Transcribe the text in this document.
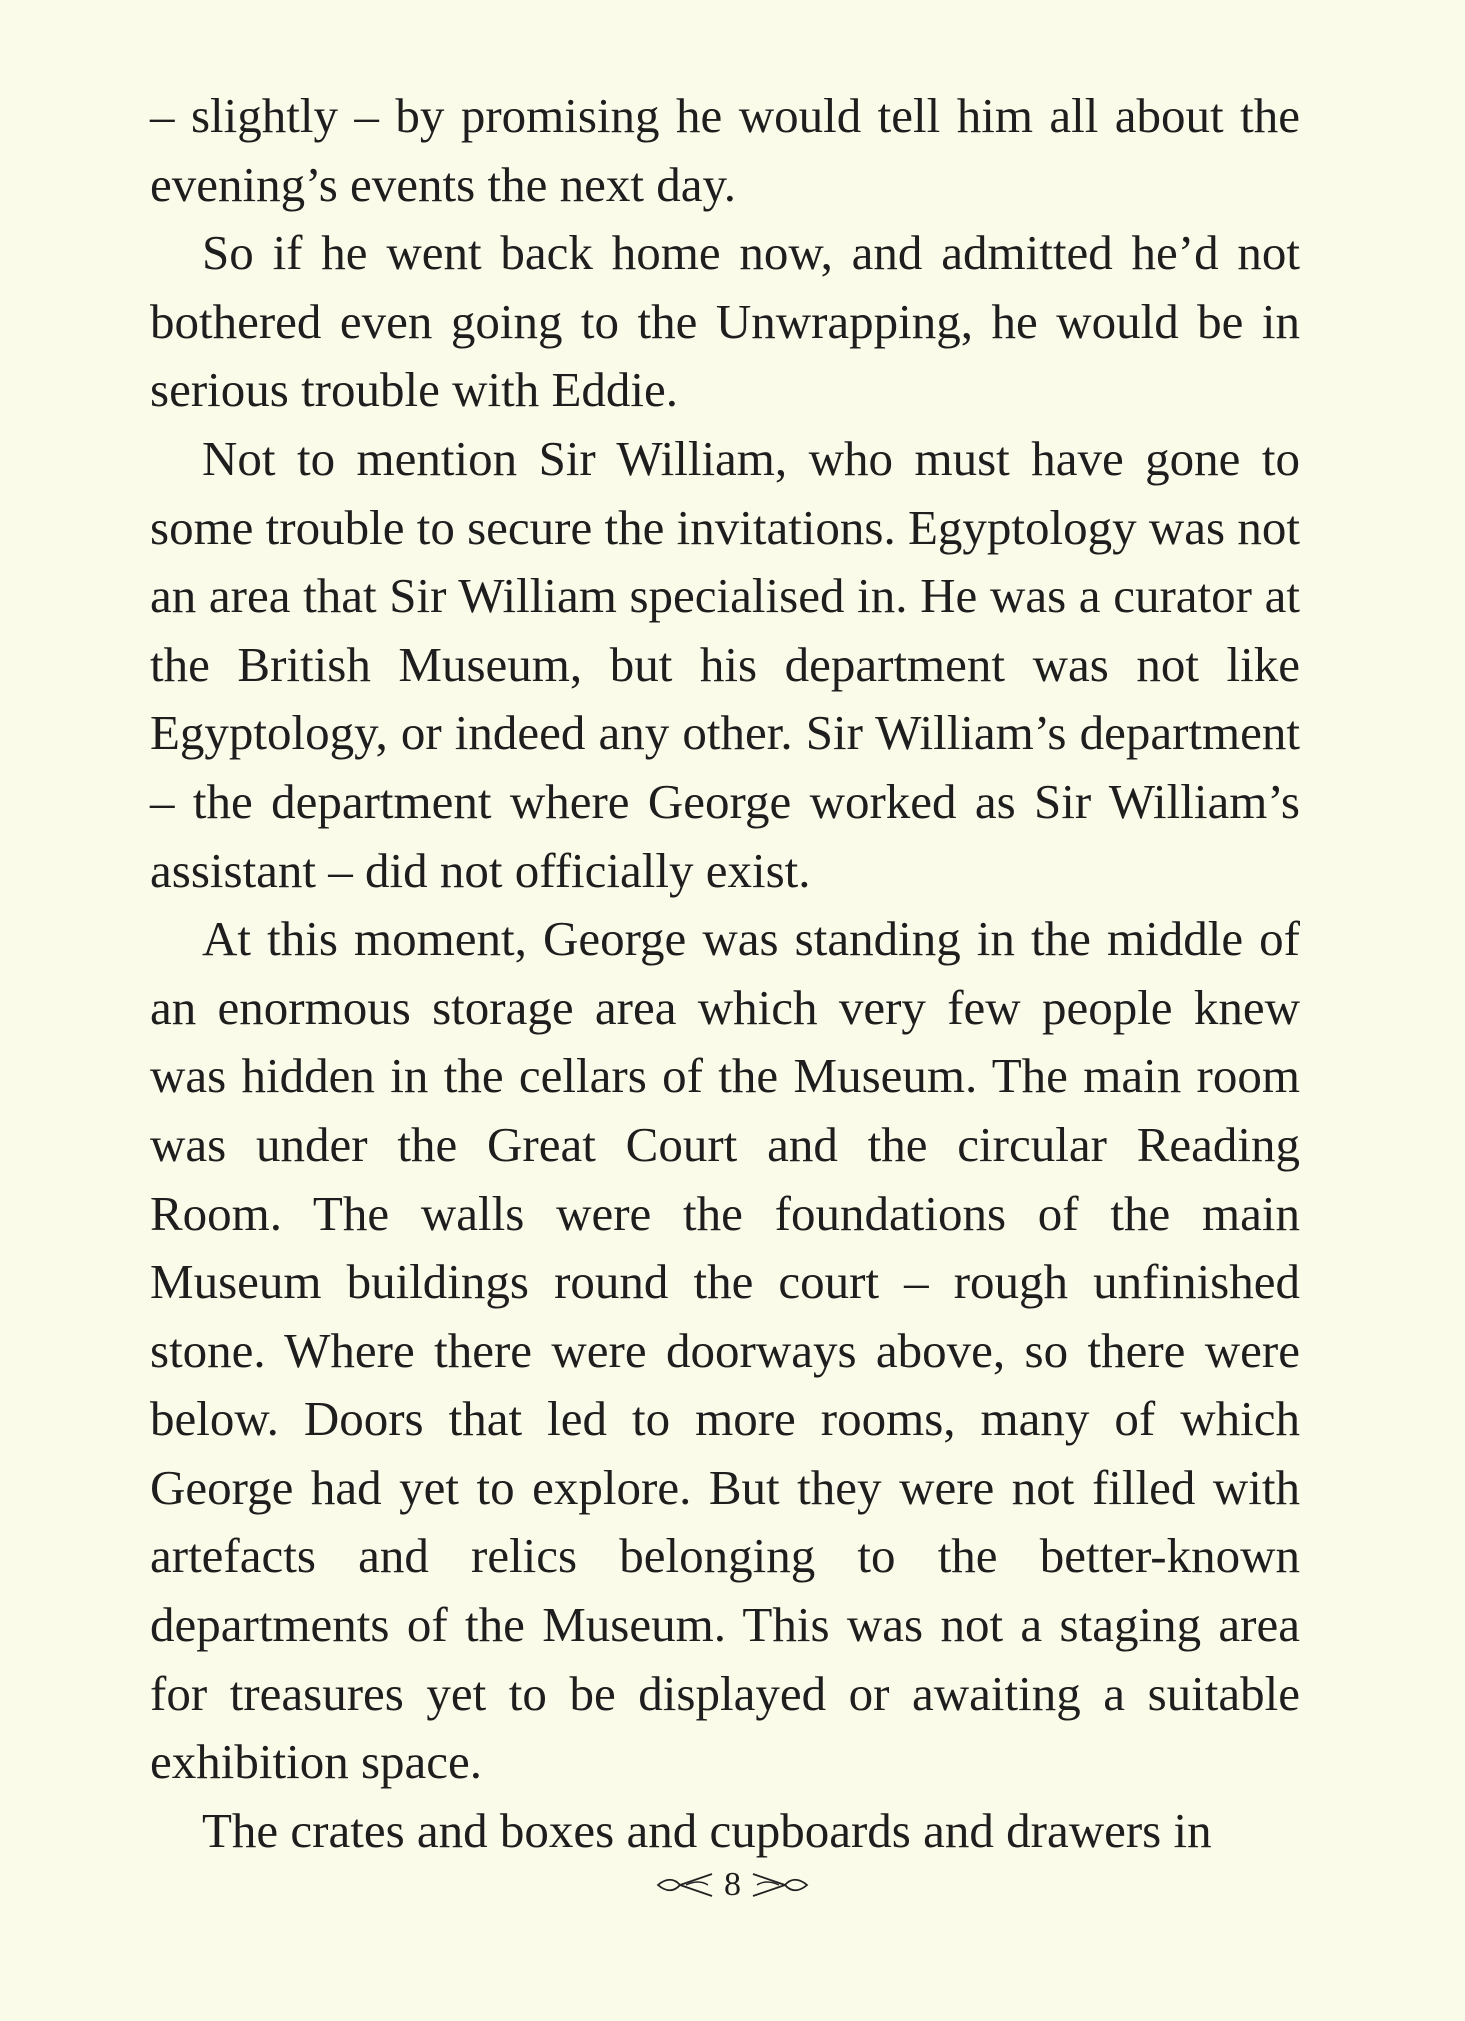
– slightly – by promising he would tell him all about the evening’s events the next day.

So if he went back home now, and admitted he’d not bothered even going to the Unwrapping, he would be in serious trouble with Eddie.

Not to mention Sir William, who must have gone to some trouble to secure the invitations. Egyptology was not an area that Sir William specialised in. He was a curator at the British Museum, but his department was not like Egyptology, or indeed any other. Sir William’s department – the department where George worked as Sir William’s assistant – did not officially exist.

At this moment, George was standing in the middle of an enormous storage area which very few people knew was hidden in the cellars of the Museum. The main room was under the Great Court and the circular Reading Room. The walls were the foundations of the main Museum buildings round the court – rough unfinished stone. Where there were doorways above, so there were below. Doors that led to more rooms, many of which George had yet to explore. But they were not filled with artefacts and relics belonging to the better-known departments of the Museum. This was not a staging area for treasures yet to be displayed or awaiting a suitable exhibition space.

The crates and boxes and cupboards and drawers in

8
